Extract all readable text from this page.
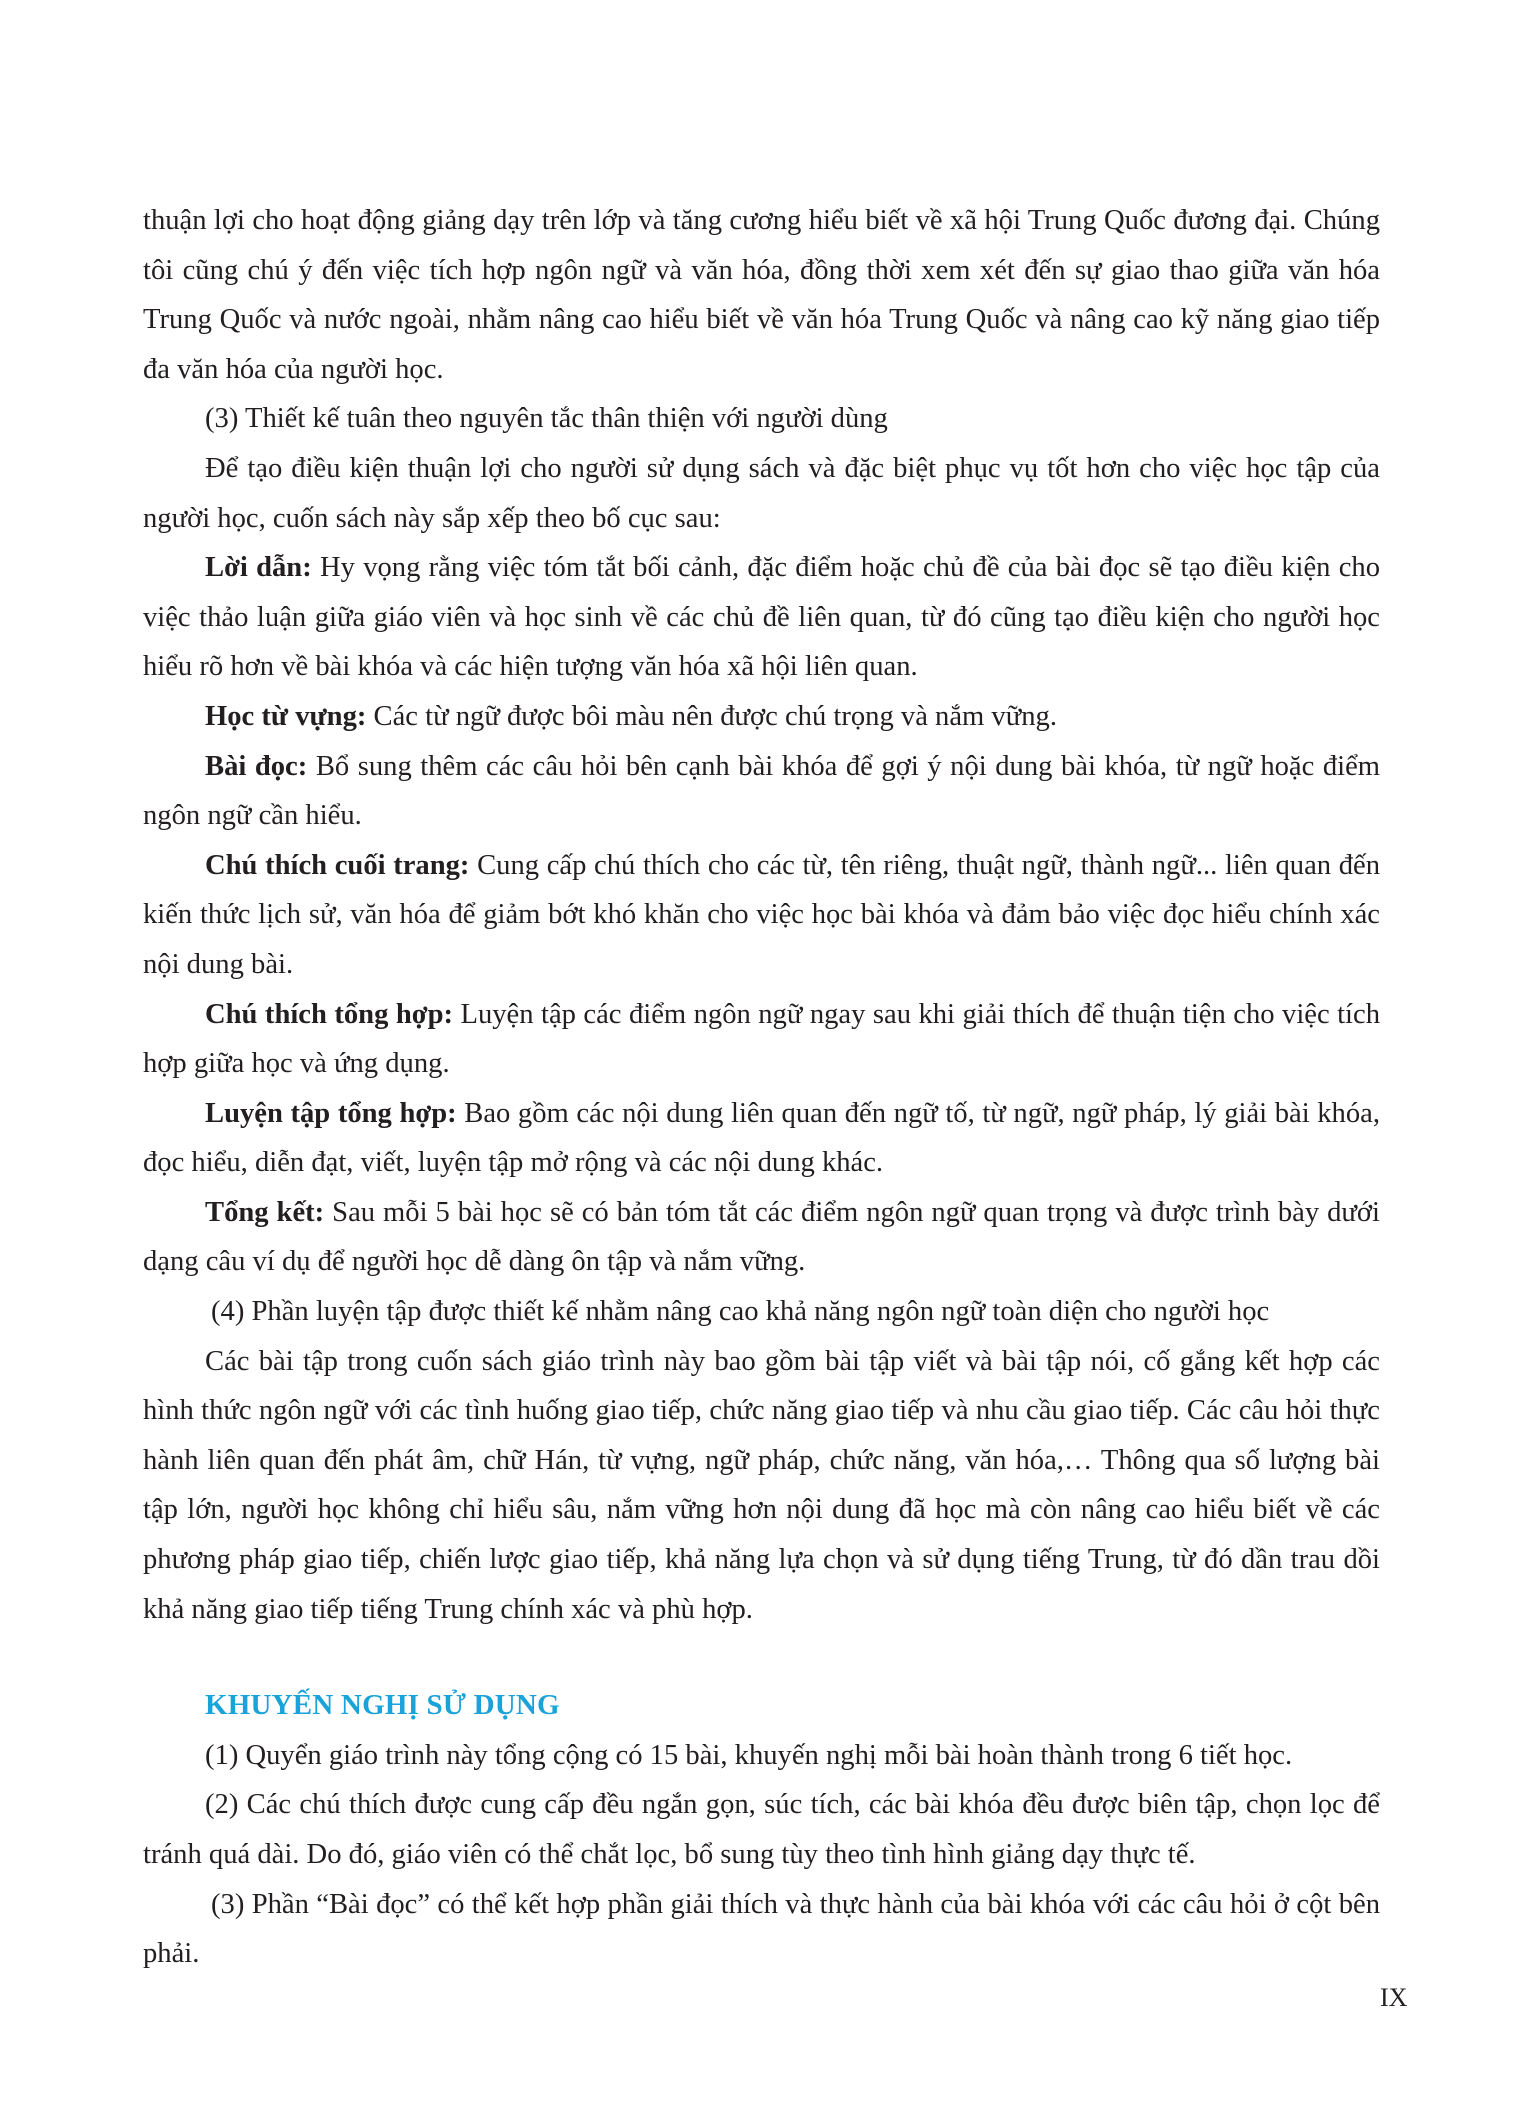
thuận lợi cho hoạt động giảng dạy trên lớp và tăng cương hiểu biết về xã hội Trung Quốc đương đại. Chúng tôi cũng chú ý đến việc tích hợp ngôn ngữ và văn hóa, đồng thời xem xét đến sự giao thao giữa văn hóa Trung Quốc và nước ngoài, nhằm nâng cao hiểu biết về văn hóa Trung Quốc và nâng cao kỹ năng giao tiếp đa văn hóa của người học.

(3) Thiết kế tuân theo nguyên tắc thân thiện với người dùng

Để tạo điều kiện thuận lợi cho người sử dụng sách và đặc biệt phục vụ tốt hơn cho việc học tập của người học, cuốn sách này sắp xếp theo bố cục sau:

Lời dẫn: Hy vọng rằng việc tóm tắt bối cảnh, đặc điểm hoặc chủ đề của bài đọc sẽ tạo điều kiện cho việc thảo luận giữa giáo viên và học sinh về các chủ đề liên quan, từ đó cũng tạo điều kiện cho người học hiểu rõ hơn về bài khóa và các hiện tượng văn hóa xã hội liên quan.

Học từ vựng: Các từ ngữ được bôi màu nên được chú trọng và nắm vững.

Bài đọc: Bổ sung thêm các câu hỏi bên cạnh bài khóa để gợi ý nội dung bài khóa, từ ngữ hoặc điểm ngôn ngữ cần hiểu.

Chú thích cuối trang: Cung cấp chú thích cho các từ, tên riêng, thuật ngữ, thành ngữ... liên quan đến kiến thức lịch sử, văn hóa để giảm bớt khó khăn cho việc học bài khóa và đảm bảo việc đọc hiểu chính xác nội dung bài.

Chú thích tổng hợp: Luyện tập các điểm ngôn ngữ ngay sau khi giải thích để thuận tiện cho việc tích hợp giữa học và ứng dụng.

Luyện tập tổng hợp: Bao gồm các nội dung liên quan đến ngữ tố, từ ngữ, ngữ pháp, lý giải bài khóa, đọc hiểu, diễn đạt, viết, luyện tập mở rộng và các nội dung khác.

Tổng kết: Sau mỗi 5 bài học sẽ có bản tóm tắt các điểm ngôn ngữ quan trọng và được trình bày dưới dạng câu ví dụ để người học dễ dàng ôn tập và nắm vững.

(4) Phần luyện tập được thiết kế nhằm nâng cao khả năng ngôn ngữ toàn diện cho người học

Các bài tập trong cuốn sách giáo trình này bao gồm bài tập viết và bài tập nói, cố gắng kết hợp các hình thức ngôn ngữ với các tình huống giao tiếp, chức năng giao tiếp và nhu cầu giao tiếp. Các câu hỏi thực hành liên quan đến phát âm, chữ Hán, từ vựng, ngữ pháp, chức năng, văn hóa,… Thông qua số lượng bài tập lớn, người học không chỉ hiểu sâu, nắm vững hơn nội dung đã học mà còn nâng cao hiểu biết về các phương pháp giao tiếp, chiến lược giao tiếp, khả năng lựa chọn và sử dụng tiếng Trung, từ đó dần trau dồi khả năng giao tiếp tiếng Trung chính xác và phù hợp.

KHUYẾN NGHỊ SỬ DỤNG

(1) Quyển giáo trình này tổng cộng có 15 bài, khuyến nghị mỗi bài hoàn thành trong 6 tiết học.

(2) Các chú thích được cung cấp đều ngắn gọn, súc tích, các bài khóa đều được biên tập, chọn lọc để tránh quá dài. Do đó, giáo viên có thể chắt lọc, bổ sung tùy theo tình hình giảng dạy thực tế.

(3) Phần “Bài đọc” có thể kết hợp phần giải thích và thực hành của bài khóa với các câu hỏi ở cột bên phải.

IX
